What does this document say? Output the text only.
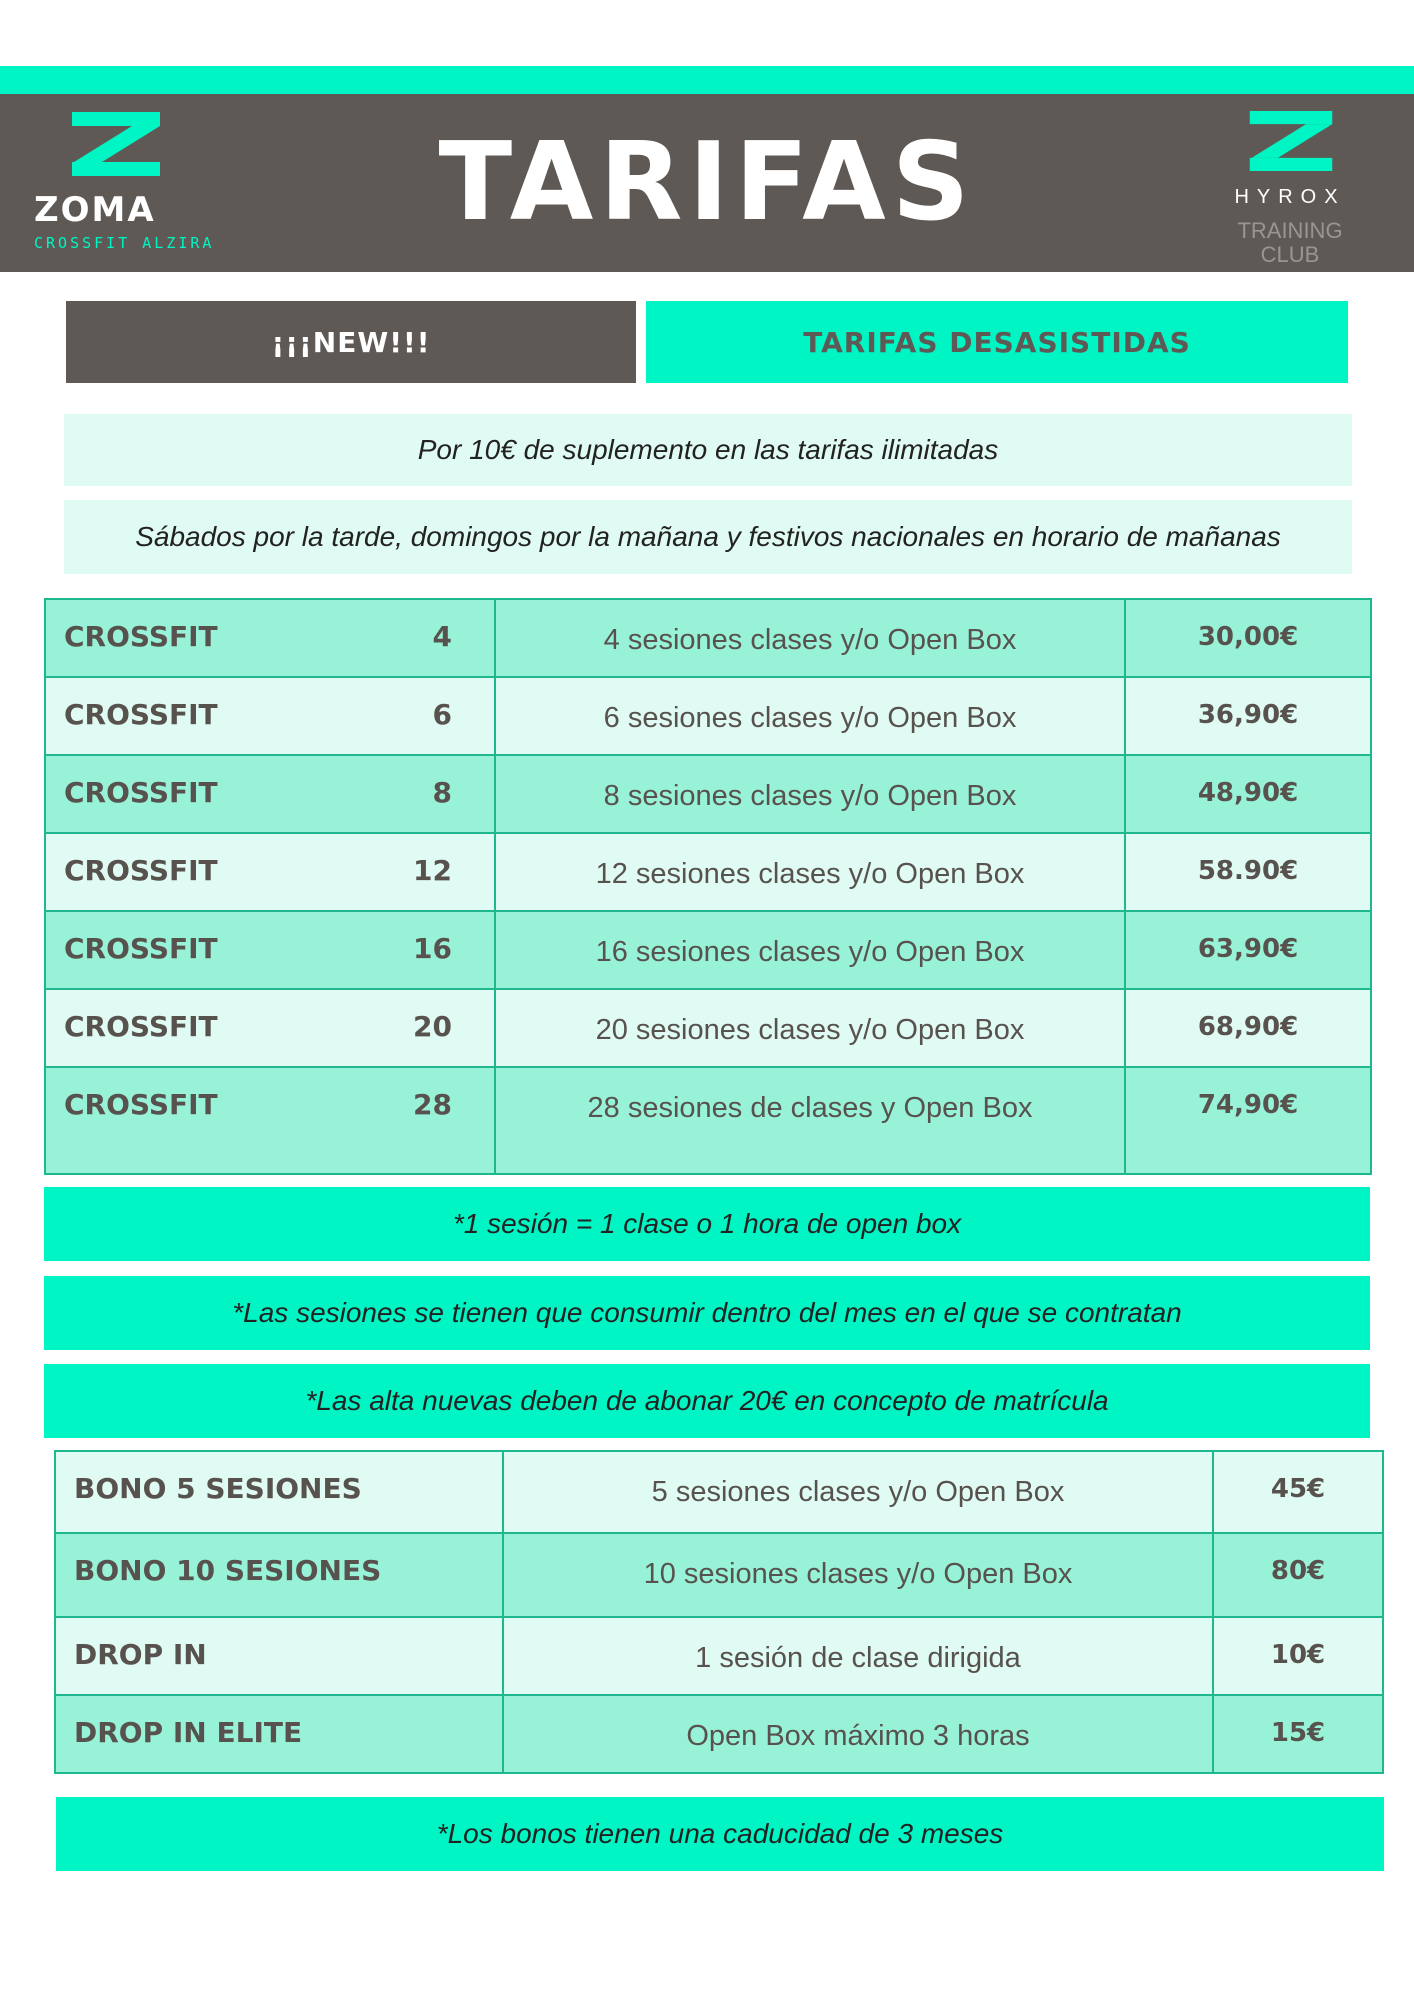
ZOMA
CROSSFIT ALZIRA	TARIFAS	HYROX
TRAINING
CLUB
¡¡¡NEW!!!	TARIFAS DESASISTIDAS
Por 10€ de suplemento en las tarifas ilimitadas
Sábados por la tarde, domingos por la mañana y festivos nacionales en horario de mañanas
CROSSFIT 4	4 sesiones clases y/o Open Box	30,00€
CROSSFIT 6	6 sesiones clases y/o Open Box	36,90€
CROSSFIT 8	8 sesiones clases y/o Open Box	48,90€
CROSSFIT 12	12 sesiones clases y/o Open Box	58.90€
CROSSFIT 16	16 sesiones clases y/o Open Box	63,90€
CROSSFIT 20	20 sesiones clases y/o Open Box	68,90€
CROSSFIT 28	28 sesiones de clases y Open Box	74,90€
*1 sesión = 1 clase o 1 hora de open box
*Las sesiones se tienen que consumir dentro del mes en el que se contratan
*Las alta nuevas deben de abonar 20€ en concepto de matrícula
BONO 5 SESIONES	5 sesiones clases y/o Open Box	45€
BONO 10 SESIONES	10 sesiones clases y/o Open Box	80€
DROP IN	1 sesión de clase dirigida	10€
DROP IN ELITE	Open Box máximo 3 horas	15€
*Los bonos tienen una caducidad de 3 meses
